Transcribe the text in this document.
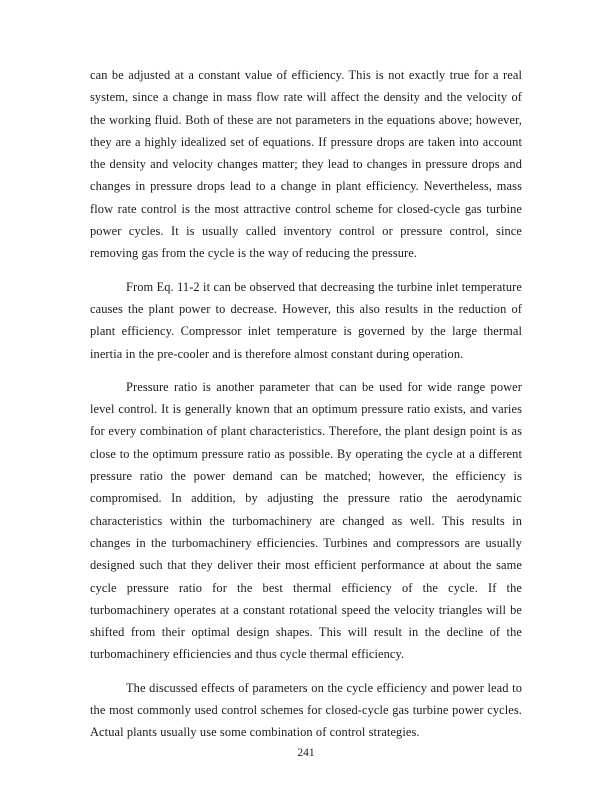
can be adjusted at a constant value of efficiency. This is not exactly true for a real system, since a change in mass flow rate will affect the density and the velocity of the working fluid. Both of these are not parameters in the equations above; however, they are a highly idealized set of equations. If pressure drops are taken into account the density and velocity changes matter; they lead to changes in pressure drops and changes in pressure drops lead to a change in plant efficiency. Nevertheless, mass flow rate control is the most attractive control scheme for closed-cycle gas turbine power cycles. It is usually called inventory control or pressure control, since removing gas from the cycle is the way of reducing the pressure.

From Eq. 11-2 it can be observed that decreasing the turbine inlet temperature causes the plant power to decrease. However, this also results in the reduction of plant efficiency. Compressor inlet temperature is governed by the large thermal inertia in the pre-cooler and is therefore almost constant during operation.

Pressure ratio is another parameter that can be used for wide range power level control. It is generally known that an optimum pressure ratio exists, and varies for every combination of plant characteristics. Therefore, the plant design point is as close to the optimum pressure ratio as possible. By operating the cycle at a different pressure ratio the power demand can be matched; however, the efficiency is compromised. In addition, by adjusting the pressure ratio the aerodynamic characteristics within the turbomachinery are changed as well. This results in changes in the turbomachinery efficiencies. Turbines and compressors are usually designed such that they deliver their most efficient performance at about the same cycle pressure ratio for the best thermal efficiency of the cycle. If the turbomachinery operates at a constant rotational speed the velocity triangles will be shifted from their optimal design shapes. This will result in the decline of the turbomachinery efficiencies and thus cycle thermal efficiency.

The discussed effects of parameters on the cycle efficiency and power lead to the most commonly used control schemes for closed-cycle gas turbine power cycles. Actual plants usually use some combination of control strategies.

241
